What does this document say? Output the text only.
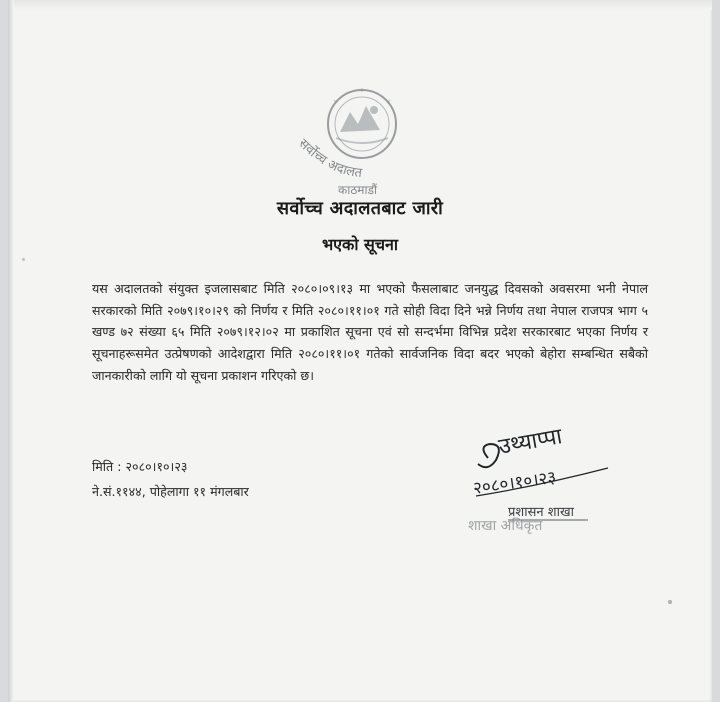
सर्वोच्च अदालत
काठमाडौं
सर्वोच्च अदालतबाट जारी
भएको सूचना
यस अदालतको संयुक्त इजलासबाट मिति २०८०।०९।१३ मा भएको फैसलाबाट जनयुद्ध दिवसको अवसरमा भनी नेपाल सरकारको मिति २०७९।१०।२९ को निर्णय र मिति २०८०।११।०१ गते सोही विदा दिने भन्ने निर्णय तथा नेपाल राजपत्र भाग ५ खण्ड ७२ संख्या ६५ मिति २०७९।१२।०२ मा प्रकाशित सूचना एवं सो सन्दर्भमा विभिन्न प्रदेश सरकारबाट भएका निर्णय र सूचनाहरूसमेत उत्प्रेषणको आदेशद्वारा मिति २०८०।११।०१ गतेको सार्वजनिक विदा बदर भएको बेहोरा सम्बन्धित सबैको जानकारीको लागि यो सूचना प्रकाशन गरिएको छ।
मिति : २०८०।१०।२३
ने.सं.११४४, पोहेलागा ११ मंगलबार
उथ्याप्पा
२०८०।१०।२३
प्रशासन शाखा
शाखा अधिकृत
